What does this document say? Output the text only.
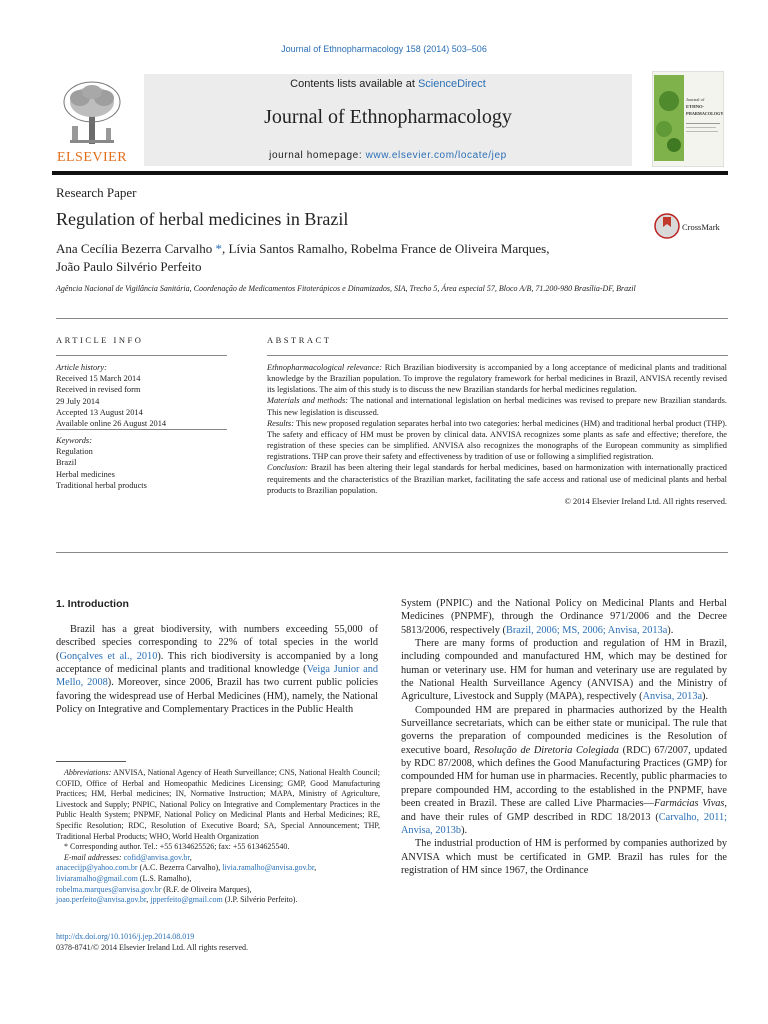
Journal of Ethnopharmacology 158 (2014) 503–506
ELSEVIER
Contents lists available at ScienceDirect
Journal of Ethnopharmacology
journal homepage: www.elsevier.com/locate/jep
Journal of
ETHNO-
PHARMACOLOGY
Research Paper
Regulation of herbal medicines in Brazil	CrossMark
Ana Cecília Bezerra Carvalho *, Lívia Santos Ramalho, Robelma France de Oliveira Marques,
João Paulo Silvério Perfeito
Agência Nacional de Vigilância Sanitária, Coordenação de Medicamentos Fitoterápicos e Dinamizados, SIA, Trecho 5, Área especial 57, Bloco A/B, 71.200-980 Brasília-DF, Brazil
ARTICLE INFO	ABSTRACT
Article history:
Received 15 March 2014
Received in revised form
29 July 2014
Accepted 13 August 2014
Available online 26 August 2014
Keywords:
Regulation
Brazil
Herbal medicines
Traditional herbal products

Ethnopharmacological relevance: Rich Brazilian biodiversity is accompanied by a long acceptance of medicinal plants and traditional knowledge by the Brazilian population. To improve the regulatory framework for herbal medicines in Brazil, ANVISA recently revised its legislations. The aim of this study is to discuss the new Brazilian standards for herbal medicines regulation.

Materials and methods: The national and international legislation on herbal medicines was revised to prepare new Brazilian standards. This new legislation is discussed.

Results: This new proposed regulation separates herbal into two categories: herbal medicines (HM) and traditional herbal product (THP). The safety and efficacy of HM must be proven by clinical data. ANVISA recognizes some plants as safe and effective; therefore, the registration of these species can be simplified. ANVISA also recognizes the monographs of the European community as simplified registrations. THP can prove their safety and effectiveness by tradition of use or following a simplified registration.

Conclusion: Brazil has been altering their legal standards for herbal medicines, based on harmonization with internationally practiced requirements and the characteristics of the Brazilian market, facilitating the safe access and rational use of medicinal plants and herbal products to Brazilian population.

© 2014 Elsevier Ireland Ltd. All rights reserved.

1. Introduction

Brazil has a great biodiversity, with numbers exceeding 55,000 of described species corresponding to 22% of total species in the world (Gonçalves et al., 2010). This rich biodiversity is accompanied by a long acceptance of medicinal plants and traditional knowledge (Veiga Junior and Mello, 2008). Moreover, since 2006, Brazil has two current public policies favoring the widespread use of Herbal Medicines (HM), namely, the National Policy on Integrative and Complementary Practices in the Public Health

Abbreviations: ANVISA, National Agency of Heath Surveillance; CNS, National Health Council; COFID, Office of Herbal and Homeopathic Medicines Licensing; GMP, Good Manufacturing Practices; HM, Herbal medicines; IN, Normative Instruction; MAPA, Ministry of Agriculture, Livestock and Supply; PNPIC, National Policy on Integrative and Complementary Practices in the Public Health System; PNPMF, National Policy on Medicinal Plants and Herbal Medicines; RE, Specific Resolution; RDC, Resolution of Executive Board; SA, Special Announcement; THP, Traditional Herbal Products; WHO, World Health Organization

* Corresponding author. Tel.: +55 6134625526; fax: +55 6134625540.

E-mail addresses: cofid@anvisa.gov.br,
anacecijp@yahoo.com.br (A.C. Bezerra Carvalho), livia.ramalho@anvisa.gov.br,
liviaramalho@gmail.com (L.S. Ramalho),
robelma.marques@anvisa.gov.br (R.F. de Oliveira Marques),
joao.perfeito@anvisa.gov.br, jpperfeito@gmail.com (J.P. Silvério Perfeito).

http://dx.doi.org/10.1016/j.jep.2014.08.019
0378-8741/© 2014 Elsevier Ireland Ltd. All rights reserved.

System (PNPIC) and the National Policy on Medicinal Plants and Herbal Medicines (PNPMF), through the Ordinance 971/2006 and the Decree 5813/2006, respectively (Brazil, 2006; MS, 2006; Anvisa, 2013a).

There are many forms of production and regulation of HM in Brazil, including compounded and manufactured HM, which may be destined for human or veterinary use. HM for human and veterinary use are regulated by the National Health Surveillance Agency (ANVISA) and the Ministry of Agriculture, Livestock and Supply (MAPA), respectively (Anvisa, 2013a).

Compounded HM are prepared in pharmacies authorized by the Health Surveillance secretariats, which can be either state or municipal. The rule that governs the preparation of compounded medicines is the Resolution of executive board, Resolução de Diretoria Colegiada (RDC) 67/2007, updated by RDC 87/2008, which defines the Good Manufacturing Practices (GMP) for compounded HM for human use in pharmacies. Recently, public pharmacies to prepare compounded HM, according to the established in the PNPMF, have been created in Brazil. These are called Live Pharmacies—Farmácias Vivas, and have their rules of GMP described in RDC 18/2013 (Carvalho, 2011; Anvisa, 2013b).

The industrial production of HM is performed by companies authorized by ANVISA which must be certificated in GMP. Brazil has rules for the registration of HM since 1967, the Ordinance
